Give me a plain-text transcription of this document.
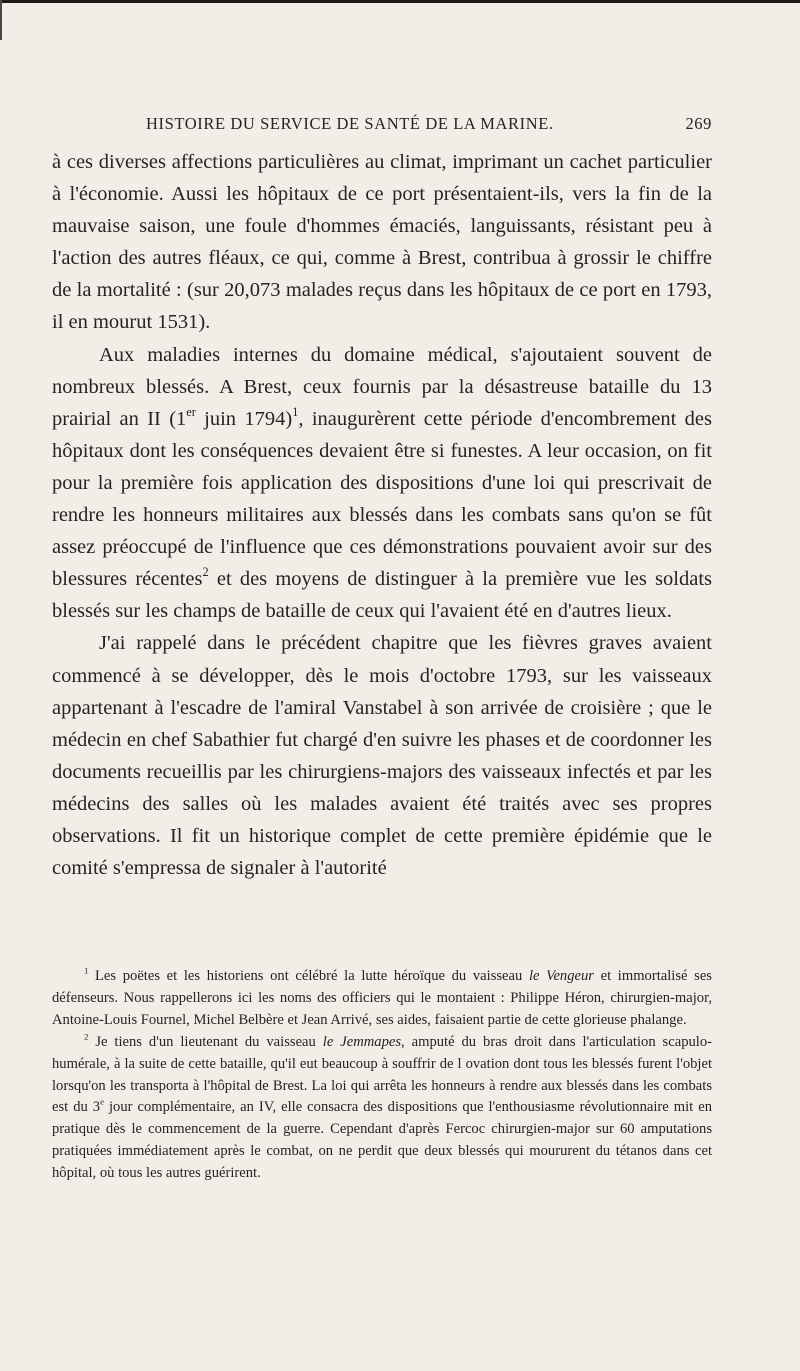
HISTOIRE DU SERVICE DE SANTÉ DE LA MARINE.	269

à ces diverses affections particulières au climat, imprimant un cachet particulier à l'économie. Aussi les hôpitaux de ce port présentaient-ils, vers la fin de la mauvaise saison, une foule d'hommes émaciés, languissants, résistant peu à l'action des autres fléaux, ce qui, comme à Brest, contribua à grossir le chiffre de la mortalité : (sur 20,073 malades reçus dans les hôpitaux de ce port en 1793, il en mourut 1531).

Aux maladies internes du domaine médical, s'ajoutaient souvent de nombreux blessés. A Brest, ceux fournis par la désastreuse bataille du 13 prairial an II (1er juin 1794)$^1$, inaugurèrent cette période d'encombrement des hôpitaux dont les conséquences devaient être si funestes. A leur occasion, on fit pour la première fois application des dispositions d'une loi qui prescrivait de rendre les honneurs militaires aux blessés dans les combats sans qu'on se fût assez préoccupé de l'influence que ces démonstrations pouvaient avoir sur des blessures récentes$^2$ et des moyens de distinguer à la première vue les soldats blessés sur les champs de bataille de ceux qui l'avaient été en d'autres lieux.

J'ai rappelé dans le précédent chapitre que les fièvres graves avaient commencé à se développer, dès le mois d'octobre 1793, sur les vaisseaux appartenant à l'escadre de l'amiral Vanstabel à son arrivée de croisière ; que le médecin en chef Sabathier fut chargé d'en suivre les phases et de coordonner les documents recueillis par les chirurgiens-majors des vaisseaux infectés et par les médecins des salles où les malades avaient été traités avec ses propres observations. Il fit un historique complet de cette première épidémie que le comité s'empressa de signaler à l'autorité

$^1$ Les poëtes et les historiens ont célébré la lutte héroïque du vaisseau le Vengeur et immortalisé ses défenseurs. Nous rappellerons ici les noms des officiers qui le montaient : Philippe Héron, chirurgien-major, Antoine-Louis Fournel, Michel Belbère et Jean Arrivé, ses aides, faisaient partie de cette glorieuse phalange.

$^2$ Je tiens d'un lieutenant du vaisseau le Jemmapes, amputé du bras droit dans l'articulation scapulo-humérale, à la suite de cette bataille, qu'il eut beaucoup à souffrir de l ovation dont tous les blessés furent l'objet lorsqu'on les transporta à l'hôpital de Brest. La loi qui arrêta les honneurs à rendre aux blessés dans les combats est du 3e jour complémentaire, an IV, elle consacra des dispositions que l'enthousiasme révolutionnaire mit en pratique dès le commencement de la guerre. Cependant d'après Fercoc chirurgien-major sur 60 amputations pratiquées immédiatement après le combat, on ne perdit que deux blessés qui moururent du tétanos dans cet hôpital, où tous les autres guérirent.
